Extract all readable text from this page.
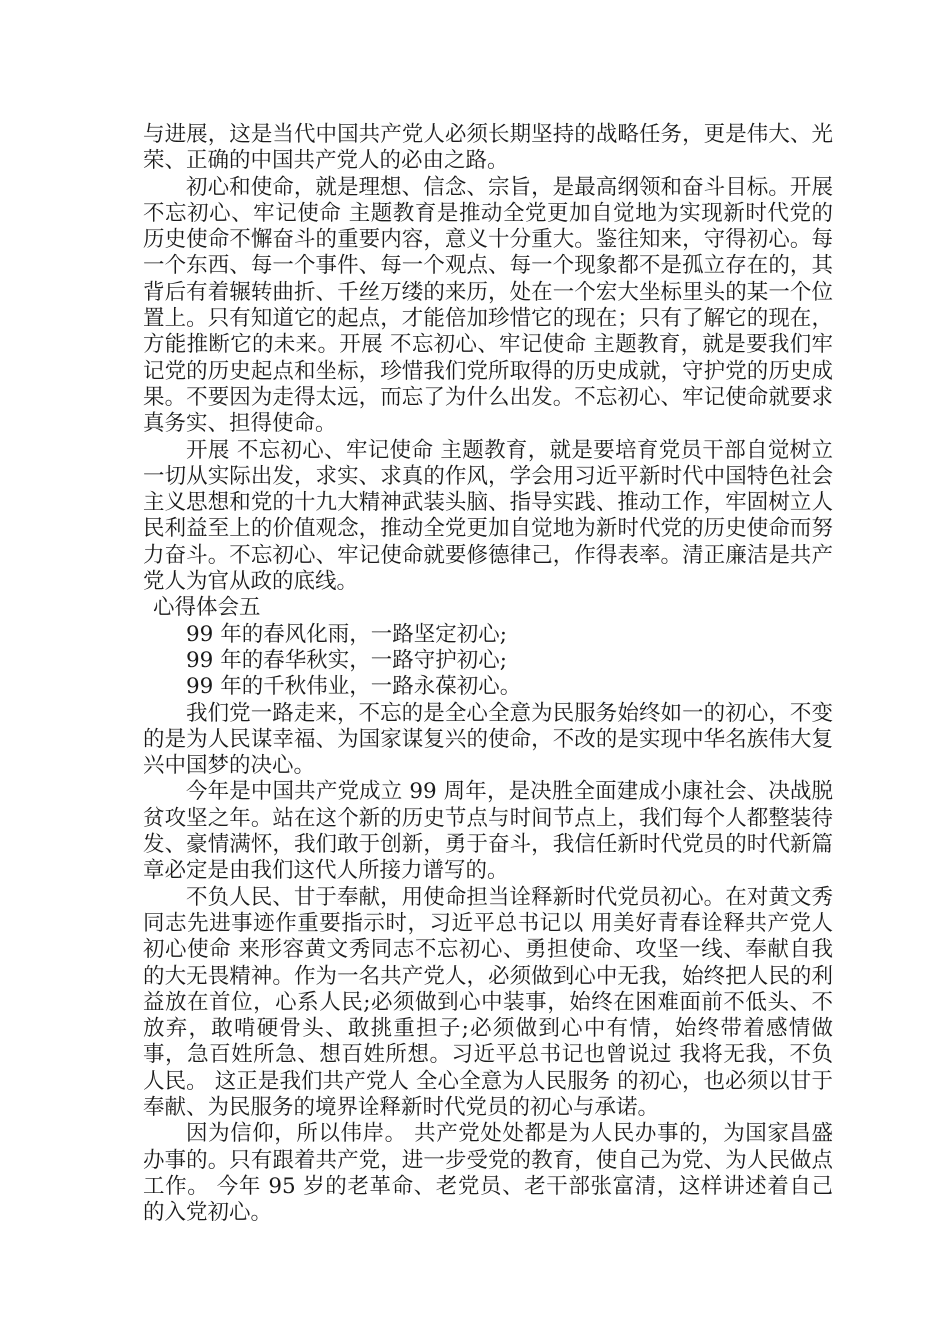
与进展，这是当代中国共产党人必须长期坚持的战略任务，更是伟大、光荣、正确的中国共产党人的必由之路。

初心和使命，就是理想、信念、宗旨，是最高纲领和奋斗目标。开展 不忘初心、牢记使命 主题教育是推动全党更加自觉地为实现新时代党的历史使命不懈奋斗的重要内容，意义十分重大。鉴往知来，守得初心。每一个东西、每一个事件、每一个观点、每一个现象都不是孤立存在的，其背后有着辗转曲折、千丝万缕的来历，处在一个宏大坐标里头的某一个位置上。只有知道它的起点，才能倍加珍惜它的现在；只有了解它的现在，方能推断它的未来。开展 不忘初心、牢记使命 主题教育，就是要我们牢记党的历史起点和坐标，珍惜我们党所取得的历史成就，守护党的历史成果。不要因为走得太远，而忘了为什么出发。不忘初心、牢记使命就要求真务实、担得使命。

开展 不忘初心、牢记使命 主题教育，就是要培育党员干部自觉树立一切从实际出发，求实、求真的作风，学会用习近平新时代中国特色社会主义思想和党的十九大精神武装头脑、指导实践、推动工作，牢固树立人民利益至上的价值观念，推动全党更加自觉地为新时代党的历史使命而努力奋斗。不忘初心、牢记使命就要修德律己，作得表率。清正廉洁是共产党人为官从政的底线。

心得体会五

99 年的春风化雨，一路坚定初心;

99 年的春华秋实，一路守护初心;

99 年的千秋伟业，一路永葆初心。

我们党一路走来，不忘的是全心全意为民服务始终如一的初心，不变的是为人民谋幸福、为国家谋复兴的使命，不改的是实现中华名族伟大复兴中国梦的决心。

今年是中国共产党成立 99 周年，是决胜全面建成小康社会、决战脱贫攻坚之年。站在这个新的历史节点与时间节点上，我们每个人都整装待发、豪情满怀，我们敢于创新，勇于奋斗，我信任新时代党员的时代新篇章必定是由我们这代人所接力谱写的。

不负人民、甘于奉献，用使命担当诠释新时代党员初心。在对黄文秀同志先进事迹作重要指示时，习近平总书记以 用美好青春诠释共产党人初心使命 来形容黄文秀同志不忘初心、勇担使命、攻坚一线、奉献自我的大无畏精神。作为一名共产党人，必须做到心中无我，始终把人民的利益放在首位，心系人民;必须做到心中装事，始终在困难面前不低头、不放弃，敢啃硬骨头、敢挑重担子;必须做到心中有情，始终带着感情做事，急百姓所急、想百姓所想。习近平总书记也曾说过 我将无我，不负人民。 这正是我们共产党人 全心全意为人民服务 的初心，也必须以甘于奉献、为民服务的境界诠释新时代党员的初心与承诺。

因为信仰，所以伟岸。 共产党处处都是为人民办事的，为国家昌盛办事的。只有跟着共产党，进一步受党的教育，使自己为党、为人民做点工作。 今年 95 岁的老革命、老党员、老干部张富清，这样讲述着自己的入党初心。
